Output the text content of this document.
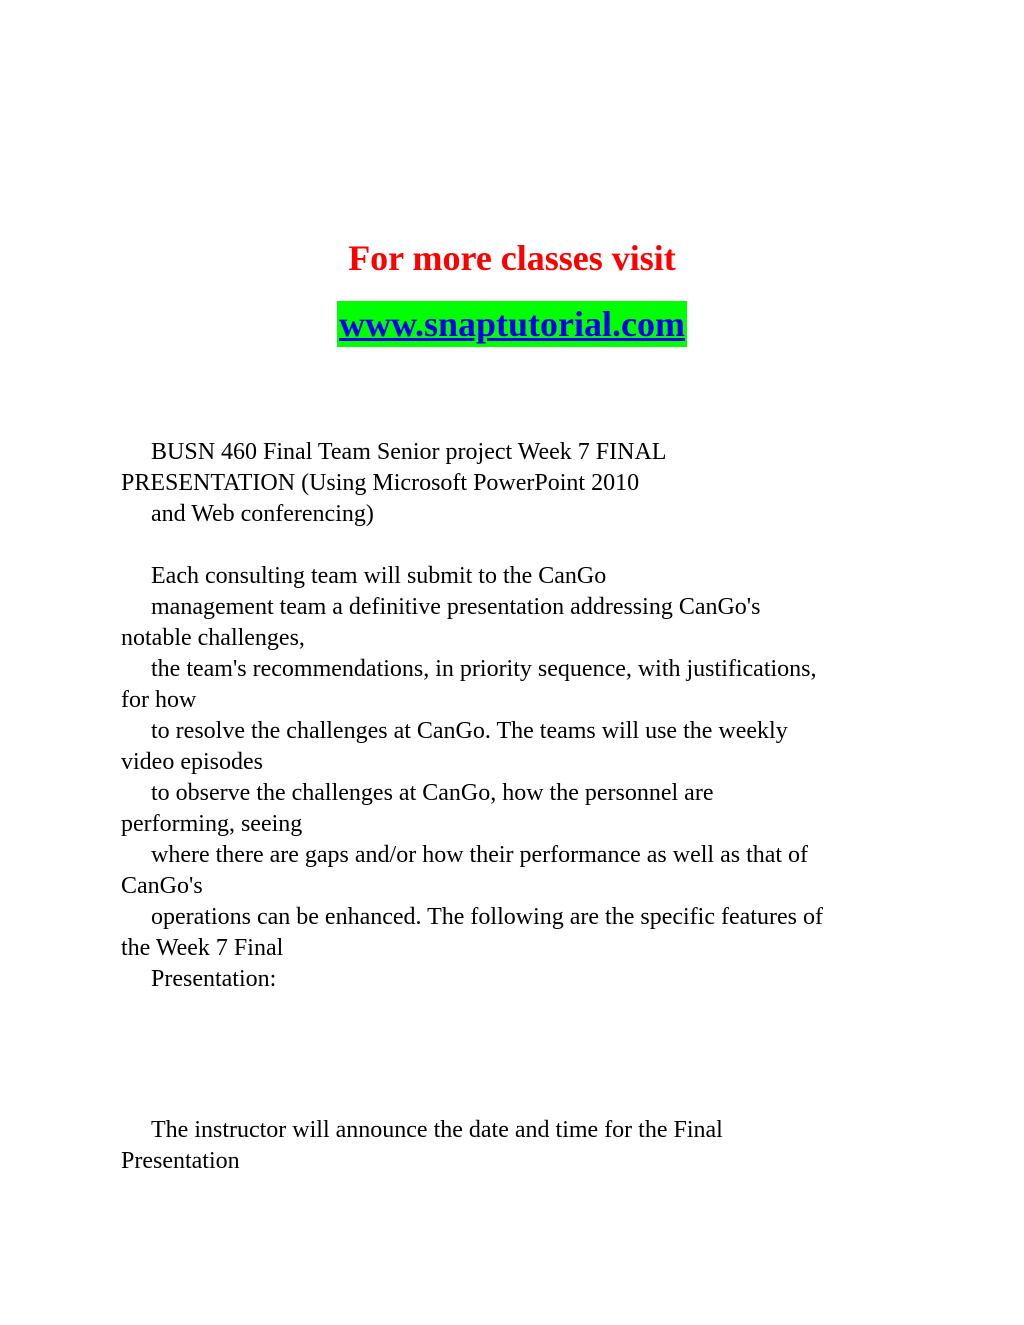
For more classes visit
www.snaptutorial.com
BUSN 460 Final Team Senior project Week 7 FINAL
PRESENTATION (Using Microsoft PowerPoint 2010
and Web conferencing)
Each consulting team will submit to the CanGo
management team a definitive presentation addressing CanGo's
notable challenges,
the team's recommendations, in priority sequence, with justifications,
for how
to resolve the challenges at CanGo. The teams will use the weekly
video episodes
to observe the challenges at CanGo, how the personnel are
performing, seeing
where there are gaps and/or how their performance as well as that of
CanGo's
operations can be enhanced. The following are the specific features of
the Week 7 Final
Presentation:
The instructor will announce the date and time for the Final
Presentation
